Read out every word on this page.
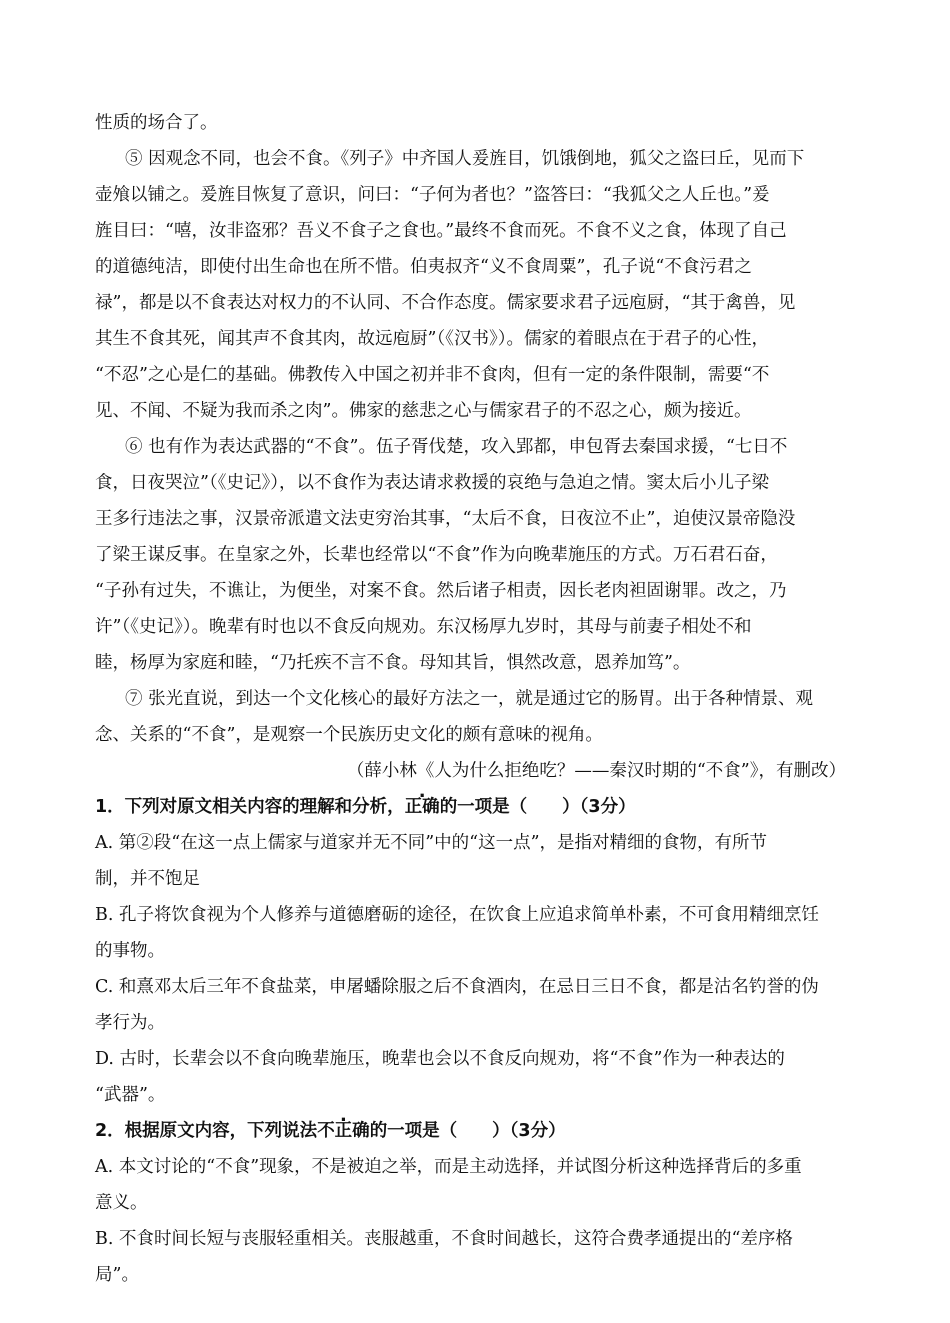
性质的场合了。
⑤ 因观念不同，也会不食。《列子》中齐国人爰旌目，饥饿倒地，狐父之盗曰丘，见而下
壶飧以铺之。爰旌目恢复了意识，问曰：“子何为者也？”盗答曰：“我狐父之人丘也。”爰
旌目曰：“嘻，汝非盗邪？吾义不食子之食也。”最终不食而死。不食不义之食，体现了自己
的道德纯洁，即使付出生命也在所不惜。伯夷叔齐“义不食周粟”，孔子说“不食污君之
禄”，都是以不食表达对权力的不认同、不合作态度。儒家要求君子远庖厨，“其于禽兽，见
其生不食其死，闻其声不食其肉，故远庖厨”（《汉书》）。儒家的着眼点在于君子的心性，
“不忍”之心是仁的基础。佛教传入中国之初并非不食肉，但有一定的条件限制，需要“不
见、不闻、不疑为我而杀之肉”。佛家的慈悲之心与儒家君子的不忍之心，颇为接近。
⑥ 也有作为表达武器的“不食”。伍子胥伐楚，攻入郢都，申包胥去秦国求援，“七日不
食，日夜哭泣”（《史记》），以不食作为表达请求救援的哀绝与急迫之情。窦太后小儿子梁
王多行违法之事，汉景帝派遣文法吏穷治其事，“太后不食，日夜泣不止”，迫使汉景帝隐没
了梁王谋反事。在皇家之外，长辈也经常以“不食”作为向晚辈施压的方式。万石君石奋，
“子孙有过失，不谯让，为便坐，对案不食。然后诸子相责，因长老肉袒固谢罪。改之，乃
许”（《史记》）。晚辈有时也以不食反向规劝。东汉杨厚九岁时，其母与前妻子相处不和
睦，杨厚为家庭和睦，“乃托疾不言不食。母知其旨，惧然改意，恩养加笃”。
⑦ 张光直说，到达一个文化核心的最好方法之一，就是通过它的肠胃。出于各种情景、观
念、关系的“不食”，是观察一个民族历史文化的颇有意味的视角。
（薛小林《人为什么拒绝吃？——秦汉时期的“不食”》，有删改）
1．下列对原文相关内容的理解和分析，正确的一项是（　　）（3分）
A. 第②段“在这一点上儒家与道家并无不同”中的“这一点”，是指对精细的食物，有所节
制，并不饱足
B. 孔子将饮食视为个人修养与道德磨砺的途径，在饮食上应追求简单朴素，不可食用精细烹饪
的事物。
C. 和熹邓太后三年不食盐菜，申屠蟠除服之后不食酒肉，在忌日三日不食，都是沽名钓誉的伪
孝行为。
D. 古时，长辈会以不食向晚辈施压，晚辈也会以不食反向规劝，将“不食”作为一种表达的
“武器”。
2．根据原文内容，下列说法不正确的一项是（　　）（3分）
A. 本文讨论的“不食”现象，不是被迫之举，而是主动选择，并试图分析这种选择背后的多重
意义。
B. 不食时间长短与丧服轻重相关。丧服越重，不食时间越长，这符合费孝通提出的“差序格
局”。
